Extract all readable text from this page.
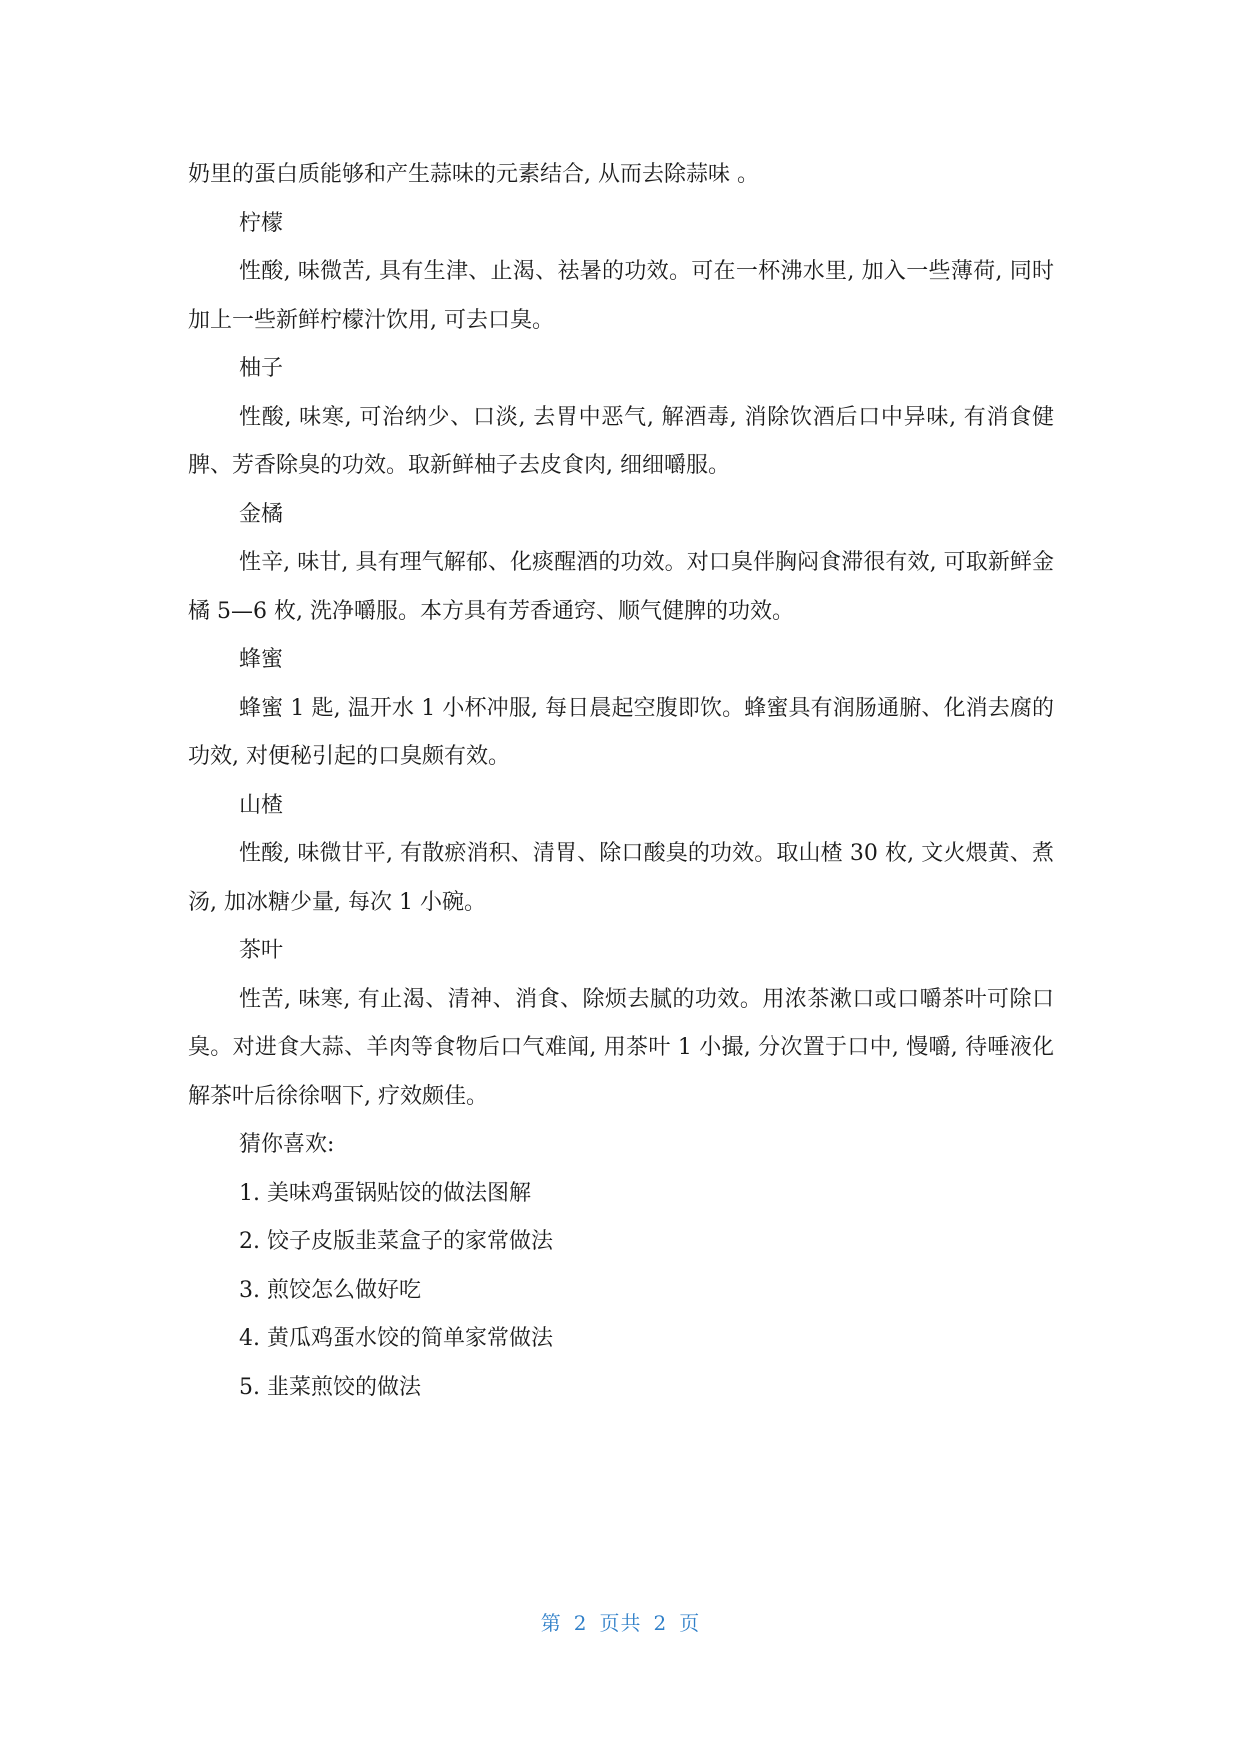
奶里的蛋白质能够和产生蒜味的元素结合, 从而去除蒜味 。

柠檬

性酸, 味微苦, 具有生津、止渴、祛暑的功效。可在一杯沸水里, 加入一些薄荷, 同时加上一些新鲜柠檬汁饮用, 可去口臭。

柚子

性酸, 味寒, 可治纳少、口淡, 去胃中恶气, 解酒毒, 消除饮酒后口中异味, 有消食健脾、芳香除臭的功效。取新鲜柚子去皮食肉, 细细嚼服。

金橘

性辛, 味甘, 具有理气解郁、化痰醒酒的功效。对口臭伴胸闷食滞很有效, 可取新鲜金橘 5—6 枚, 洗净嚼服。本方具有芳香通窍、顺气健脾的功效。

蜂蜜

蜂蜜 1 匙, 温开水 1 小杯冲服, 每日晨起空腹即饮。蜂蜜具有润肠通腑、化消去腐的功效, 对便秘引起的口臭颇有效。

山楂

性酸, 味微甘平, 有散瘀消积、清胃、除口酸臭的功效。取山楂 30 枚, 文火煨黄、煮汤, 加冰糖少量, 每次 1 小碗。

茶叶

性苦, 味寒, 有止渴、清神、消食、除烦去腻的功效。用浓茶漱口或口嚼茶叶可除口臭。对进食大蒜、羊肉等食物后口气难闻, 用茶叶 1 小撮, 分次置于口中, 慢嚼, 待唾液化解茶叶后徐徐咽下, 疗效颇佳。

猜你喜欢:

1. 美味鸡蛋锅贴饺的做法图解

2. 饺子皮版韭菜盒子的家常做法

3. 煎饺怎么做好吃

4. 黄瓜鸡蛋水饺的简单家常做法

5. 韭菜煎饺的做法

第 2 页共 2 页
